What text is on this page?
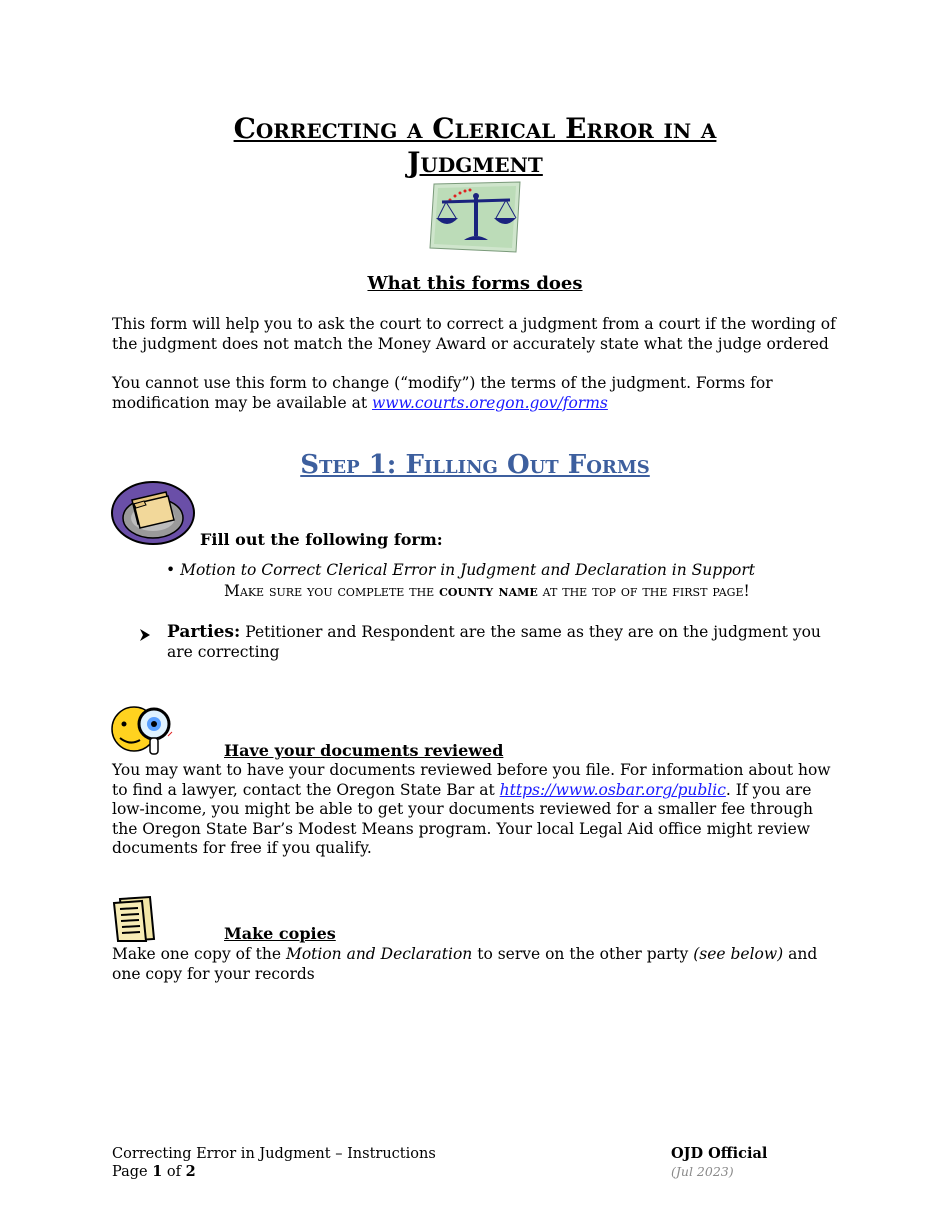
Correcting a Clerical Error in a
Judgment
What this forms does

This form will help you to ask the court to correct a judgment from a court if the wording of the judgment does not match the Money Award or accurately state what the judge ordered

You cannot use this form to change (“modify”) the terms of the judgment. Forms for modification may be available at www.courts.oregon.gov/forms

Step 1: Filling Out Forms
Fill out the following form:
• Motion to Correct Clerical Error in Judgment and Declaration in Support
Make sure you complete the county name at the top of the first page!
Parties: Petitioner and Respondent are the same as they are on the judgment you are correcting
Have your documents reviewed

You may want to have your documents reviewed before you file. For information about how to find a lawyer, contact the Oregon State Bar at https://www.osbar.org/public. If you are low-income, you might be able to get your documents reviewed for a smaller fee through the Oregon State Bar’s Modest Means program. Your local Legal Aid office might review documents for free if you qualify.

Make copies

Make one copy of the Motion and Declaration to serve on the other party (see below) and one copy for your records

Correcting Error in Judgment – Instructions
Page 1 of 2
OJD Official
(Jul 2023)
